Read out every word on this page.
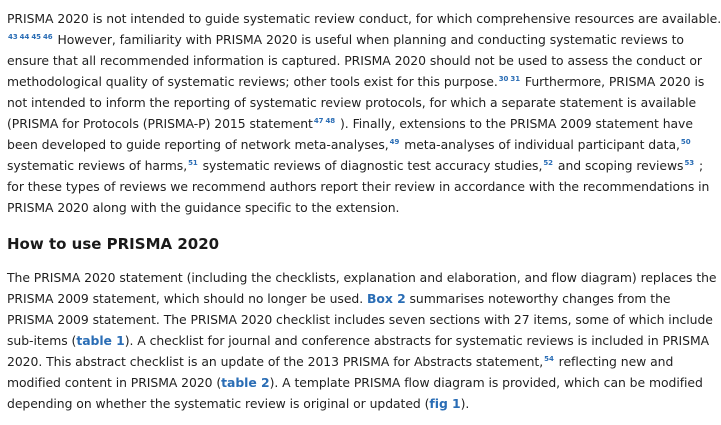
PRISMA 2020 is not intended to guide systematic review conduct, for which comprehensive resources are available.
$^{43}$ $^{44}$ $^{45}$ $^{46}$ However, familiarity with PRISMA 2020 is useful when planning and conducting systematic reviews to
ensure that all recommended information is captured. PRISMA 2020 should not be used to assess the conduct or
methodological quality of systematic reviews; other tools exist for this purpose.$^{30}$ $^{31}$ Furthermore, PRISMA 2020 is
not intended to inform the reporting of systematic review protocols, for which a separate statement is available
(PRISMA for Protocols (PRISMA-P) 2015 statement$^{47}$ $^{48}$ ). Finally, extensions to the PRISMA 2009 statement have
been developed to guide reporting of network meta-analyses,$^{49}$ meta-analyses of individual participant data,$^{50}$
systematic reviews of harms,$^{51}$ systematic reviews of diagnostic test accuracy studies,$^{52}$ and scoping reviews$^{53}$ ;
for these types of reviews we recommend authors report their review in accordance with the recommendations in
PRISMA 2020 along with the guidance specific to the extension.

How to use PRISMA 2020

The PRISMA 2020 statement (including the checklists, explanation and elaboration, and flow diagram) replaces the
PRISMA 2009 statement, which should no longer be used. Box 2 summarises noteworthy changes from the
PRISMA 2009 statement. The PRISMA 2020 checklist includes seven sections with 27 items, some of which include
sub-items (table 1). A checklist for journal and conference abstracts for systematic reviews is included in PRISMA
2020. This abstract checklist is an update of the 2013 PRISMA for Abstracts statement,$^{54}$ reflecting new and
modified content in PRISMA 2020 (table 2). A template PRISMA flow diagram is provided, which can be modified
depending on whether the systematic review is original or updated (fig 1).
